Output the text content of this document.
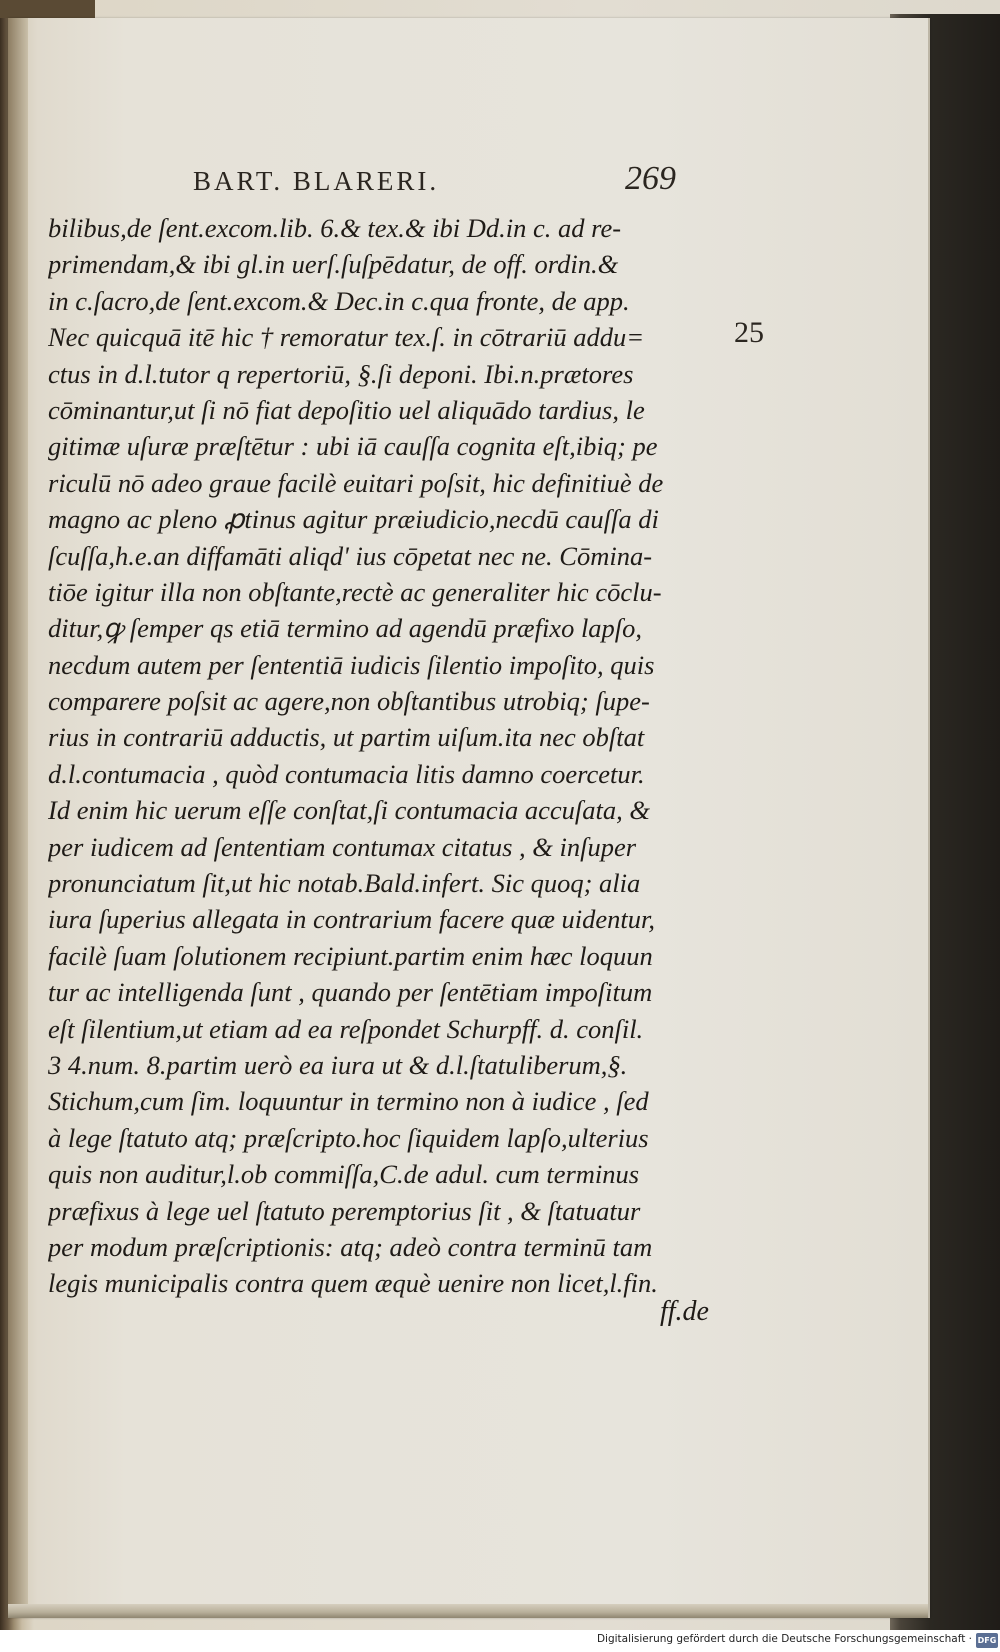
BART. BLARERI.	269
bilibus,de ſent.excom.lib. 6.& tex.& ibi Dd.in c. ad re-
primendam,& ibi gl.in uerſ.ſuſpēdatur, de off. ordin.&
in c.ſacro,de ſent.excom.& Dec.in c.qua fronte, de app.
Nec quicquā itē hic † remoratur tex.ſ. in cōtrariū addu=
ctus in d.l.tutor q repertoriū, §.ſi deponi. Ibi.n.prætores
cōminantur,ut ſi nō fiat depoſitio uel aliquādo tardius, le
gitimæ uſuræ præſtētur : ubi iā cauſſa cognita eſt,ibiq; pe
riculū nō adeo graue facilè euitari poſsit, hic definitiuè de
magno ac pleno ꝓtinus agitur præiudicio,necdū cauſſa di
ſcuſſa,h.e.an diffamāti aliqd' ius cōpetat nec ne. Cōmina-
tiōe igitur illa non obſtante,rectè ac generaliter hic cōclu-
ditur,ꝙ ſemper qs etiā termino ad agendū præfixo lapſo,
necdum autem per ſententiā iudicis ſilentio impoſito, quis
comparere poſsit ac agere,non obſtantibus utrobiq; ſupe-
rius in contrariū adductis, ut partim uiſum.ita nec obſtat
d.l.contumacia , quòd contumacia litis damno coercetur.
Id enim hic uerum eſſe conſtat,ſi contumacia accuſata, &
per iudicem ad ſententiam contumax citatus , & inſuper
pronunciatum ſit,ut hic notab.Bald.infert. Sic quoq; alia
iura ſuperius allegata in contrarium facere quæ uidentur,
facilè ſuam ſolutionem recipiunt.partim enim hæc loquun
tur ac intelligenda ſunt , quando per ſentētiam impoſitum
eſt ſilentium,ut etiam ad ea reſpondet Schurpff. d. conſil.
3 4.num. 8.partim uerò ea iura ut & d.l.ſtatuliberum,§.
Stichum,cum ſim. loquuntur in termino non à iudice , ſed
à lege ſtatuto atq; præſcripto.hoc ſiquidem lapſo,ulterius
quis non auditur,l.ob commiſſa,C.de adul. cum terminus
præfixus à lege uel ſtatuto peremptorius ſit , & ſtatuatur
per modum præſcriptionis: atq; adeò contra terminū tam
legis municipalis contra quem æquè uenire non licet,l.fin.
25
ff.de
Digitalisierung gefördert durch die Deutsche Forschungsgemeinschaft · DFG
